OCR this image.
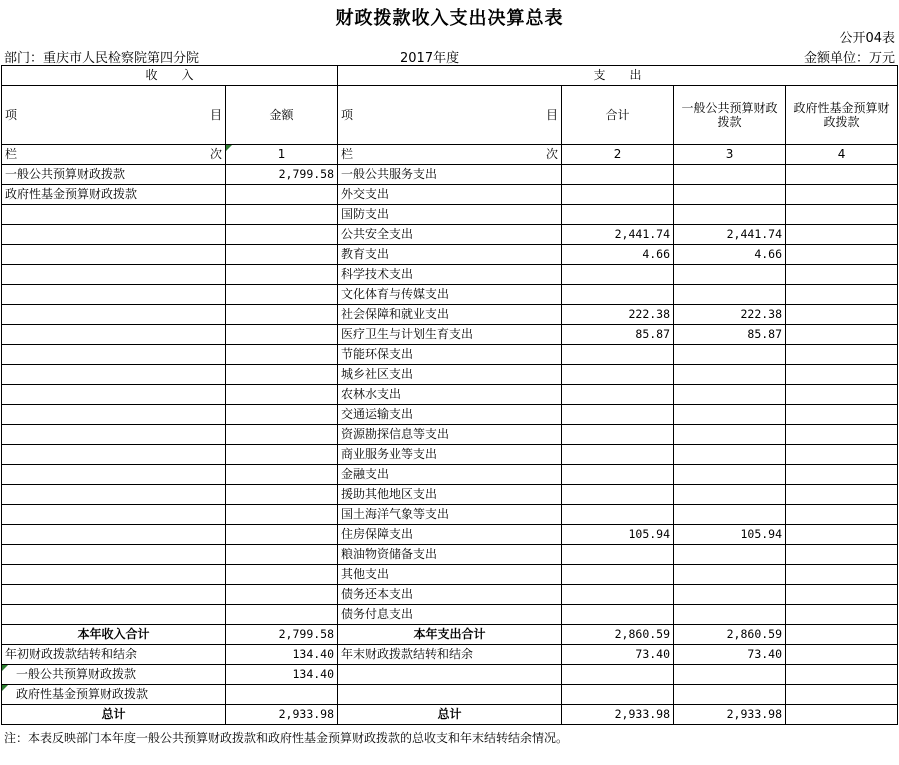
财政拨款收入支出决算总表
公开04表
部门：重庆市人民检察院第四分院	2017年度	金额单位：万元
收　　入		支　　出			

项 目	金额	项 目	合计	一般公共预算财政拨款	政府性基金预算财政拨款

栏 次	1	栏 次	2	3	4
一般公共预算财政拨款	2,799.58	一般公共服务支出			
政府性基金预算财政拨款		外交支出			
		国防支出			
		公共安全支出	2,441.74	2,441.74	
		教育支出	4.66	4.66	
		科学技术支出			
		文化体育与传媒支出			
		社会保障和就业支出	222.38	222.38	
		医疗卫生与计划生育支出	85.87	85.87	
		节能环保支出			
		城乡社区支出			
		农林水支出			
		交通运输支出			
		资源勘探信息等支出			
		商业服务业等支出			
		金融支出			
		援助其他地区支出			
		国土海洋气象等支出			
		住房保障支出	105.94	105.94	
		粮油物资储备支出			
		其他支出			
		债务还本支出			
		债务付息支出			
本年收入合计	2,799.58	本年支出合计	2,860.59	2,860.59	
年初财政拨款结转和结余	134.40	年末财政拨款结转和结余	73.40	73.40	

一般公共预算财政拨款	134.40				

政府性基金预算财政拨款					
总计	2,933.98	总计	2,933.98	2,933.98	
注：本表反映部门本年度一般公共预算财政拨款和政府性基金预算财政拨款的总收支和年末结转结余情况。
